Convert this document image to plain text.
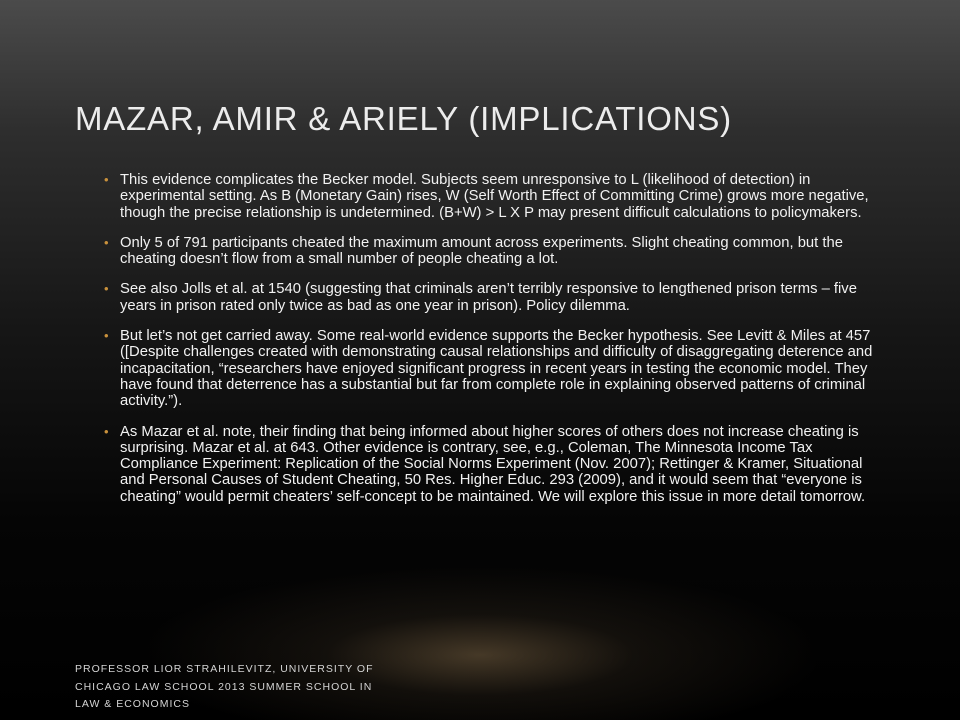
MAZAR, AMIR & ARIELY (IMPLICATIONS)
• This evidence complicates the Becker model. Subjects seem unresponsive to L (likelihood of detection) in experimental setting. As B (Monetary Gain) rises, W (Self Worth Effect of Committing Crime) grows more negative, though the precise relationship is undetermined. (B+W) > L X P may present difficult calculations to policymakers.
• Only 5 of 791 participants cheated the maximum amount across experiments. Slight cheating common, but the cheating doesn’t flow from a small number of people cheating a lot.
• See also Jolls et al. at 1540 (suggesting that criminals aren’t terribly responsive to lengthened prison terms – five years in prison rated only twice as bad as one year in prison). Policy dilemma.
• But let’s not get carried away. Some real-world evidence supports the Becker hypothesis. See Levitt & Miles at 457 ([Despite challenges created with demonstrating causal relationships and difficulty of disaggregating deterence and incapacitation, “researchers have enjoyed significant progress in recent years in testing the economic model. They have found that deterrence has a substantial but far from complete role in explaining observed patterns of criminal activity.”).
• As Mazar et al. note, their finding that being informed about higher scores of others does not increase cheating is surprising. Mazar et al. at 643. Other evidence is contrary, see, e.g., Coleman, The Minnesota Income Tax Compliance Experiment: Replication of the Social Norms Experiment (Nov. 2007); Rettinger & Kramer, Situational and Personal Causes of Student Cheating, 50 Res. Higher Educ. 293 (2009), and it would seem that “everyone is cheating” would permit cheaters’ self-concept to be maintained. We will explore this issue in more detail tomorrow.
PROFESSOR LIOR STRAHILEVITZ, UNIVERSITY OF CHICAGO LAW SCHOOL 2013 SUMMER SCHOOL IN LAW & ECONOMICS
